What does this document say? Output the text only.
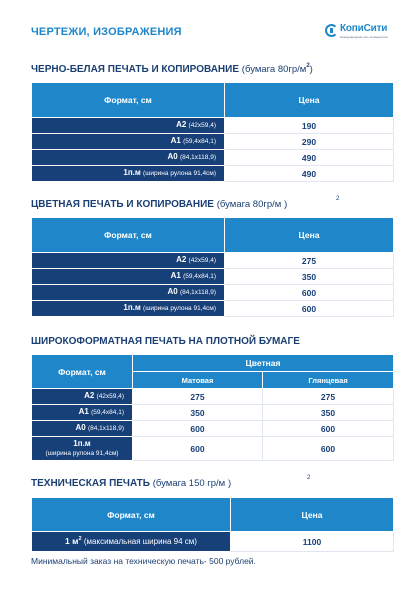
ЧЕРТЕЖИ, ИЗОБРАЖЕНИЯ	КопиСити
международная сеть копицентров
ЧЕРНО-БЕЛАЯ ПЕЧАТЬ И КОПИРОВАНИЕ (бумага $80гр/м^2$)
Формат, см	Цена
А2 (42x59,4)	190
А1 (59,4x84,1)	290
А0 (84,1x118,9)	490
1п.м (ширина рулона 91,4см)	490
ЦВЕТНАЯ ПЕЧАТЬ И КОПИРОВАНИЕ (бумага 80гр/м )	2
Формат, см	Цена
А2 (42x59,4)	275
А1 (59,4x84,1)	350
А0 (84,1x118,9)	600
1п.м (ширина рулона 91,4см)	600
ШИРОКОФОРМАТНАЯ ПЕЧАТЬ НА ПЛОТНОЙ БУМАГЕ
Формат, см	Цветная	
	Матовая	Глянцевая
А2 (42x59,4)	275	275
А1 (59,4x84,1)	350	350
А0 (84,1x118,9)	600	600
1п.м
(ширина рулона 91,4см)	600	600
ТЕХНИЧЕСКАЯ ПЕЧАТЬ (бумага 150 гр/м )	2
Формат, см	Цена
1 $м^2$ (максимальная ширина 94 см)	1100
Минимальный заказ на техническую печать- 500 рублей.
